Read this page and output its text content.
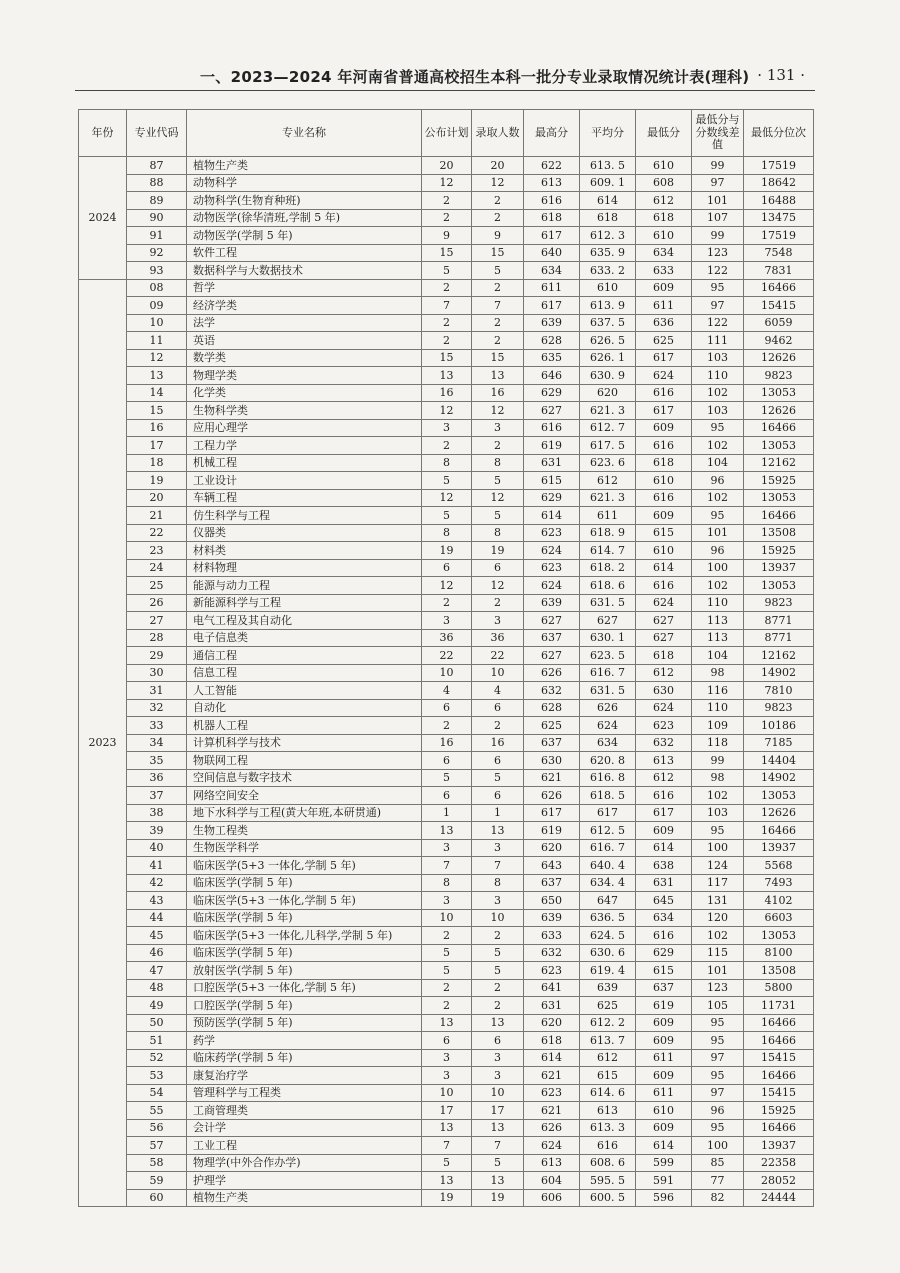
一、2023—2024 年河南省普通高校招生本科一批分专业录取情况统计表(理科) · 131 ·
年份	专业代码	专业名称	公布计划	录取人数	最高分	平均分	最低分	最低分与分数线差值	最低分位次
2024	87	植物生产类	20	20	622	613. 5	610	99	17519
	88	动物科学	12	12	613	609. 1	608	97	18642
	89	动物科学(生物育种班)	2	2	616	614	612	101	16488
	90	动物医学(徐华清班,学制 5 年)	2	2	618	618	618	107	13475
	91	动物医学(学制 5 年)	9	9	617	612. 3	610	99	17519
	92	软件工程	15	15	640	635. 9	634	123	7548
	93	数据科学与大数据技术	5	5	634	633. 2	633	122	7831
2023	08	哲学	2	2	611	610	609	95	16466
	09	经济学类	7	7	617	613. 9	611	97	15415
	10	法学	2	2	639	637. 5	636	122	6059
	11	英语	2	2	628	626. 5	625	111	9462
	12	数学类	15	15	635	626. 1	617	103	12626
	13	物理学类	13	13	646	630. 9	624	110	9823
	14	化学类	16	16	629	620	616	102	13053
	15	生物科学类	12	12	627	621. 3	617	103	12626
	16	应用心理学	3	3	616	612. 7	609	95	16466
	17	工程力学	2	2	619	617. 5	616	102	13053
	18	机械工程	8	8	631	623. 6	618	104	12162
	19	工业设计	5	5	615	612	610	96	15925
	20	车辆工程	12	12	629	621. 3	616	102	13053
	21	仿生科学与工程	5	5	614	611	609	95	16466
	22	仪器类	8	8	623	618. 9	615	101	13508
	23	材料类	19	19	624	614. 7	610	96	15925
	24	材料物理	6	6	623	618. 2	614	100	13937
	25	能源与动力工程	12	12	624	618. 6	616	102	13053
	26	新能源科学与工程	2	2	639	631. 5	624	110	9823
	27	电气工程及其自动化	3	3	627	627	627	113	8771
	28	电子信息类	36	36	637	630. 1	627	113	8771
	29	通信工程	22	22	627	623. 5	618	104	12162
	30	信息工程	10	10	626	616. 7	612	98	14902
	31	人工智能	4	4	632	631. 5	630	116	7810
	32	自动化	6	6	628	626	624	110	9823
	33	机器人工程	2	2	625	624	623	109	10186
	34	计算机科学与技术	16	16	637	634	632	118	7185
	35	物联网工程	6	6	630	620. 8	613	99	14404
	36	空间信息与数字技术	5	5	621	616. 8	612	98	14902
	37	网络空间安全	6	6	626	618. 5	616	102	13053
	38	地下水科学与工程(黄大年班,本研贯通)	1	1	617	617	617	103	12626
	39	生物工程类	13	13	619	612. 5	609	95	16466
	40	生物医学科学	3	3	620	616. 7	614	100	13937
	41	临床医学(5+3 一体化,学制 5 年)	7	7	643	640. 4	638	124	5568
	42	临床医学(学制 5 年)	8	8	637	634. 4	631	117	7493
	43	临床医学(5+3 一体化,学制 5 年)	3	3	650	647	645	131	4102
	44	临床医学(学制 5 年)	10	10	639	636. 5	634	120	6603
	45	临床医学(5+3 一体化,儿科学,学制 5 年)	2	2	633	624. 5	616	102	13053
	46	临床医学(学制 5 年)	5	5	632	630. 6	629	115	8100
	47	放射医学(学制 5 年)	5	5	623	619. 4	615	101	13508
	48	口腔医学(5+3 一体化,学制 5 年)	2	2	641	639	637	123	5800
	49	口腔医学(学制 5 年)	2	2	631	625	619	105	11731
	50	预防医学(学制 5 年)	13	13	620	612. 2	609	95	16466
	51	药学	6	6	618	613. 7	609	95	16466
	52	临床药学(学制 5 年)	3	3	614	612	611	97	15415
	53	康复治疗学	3	3	621	615	609	95	16466
	54	管理科学与工程类	10	10	623	614. 6	611	97	15415
	55	工商管理类	17	17	621	613	610	96	15925
	56	会计学	13	13	626	613. 3	609	95	16466
	57	工业工程	7	7	624	616	614	100	13937
	58	物理学(中外合作办学)	5	5	613	608. 6	599	85	22358
	59	护理学	13	13	604	595. 5	591	77	28052
	60	植物生产类	19	19	606	600. 5	596	82	24444
